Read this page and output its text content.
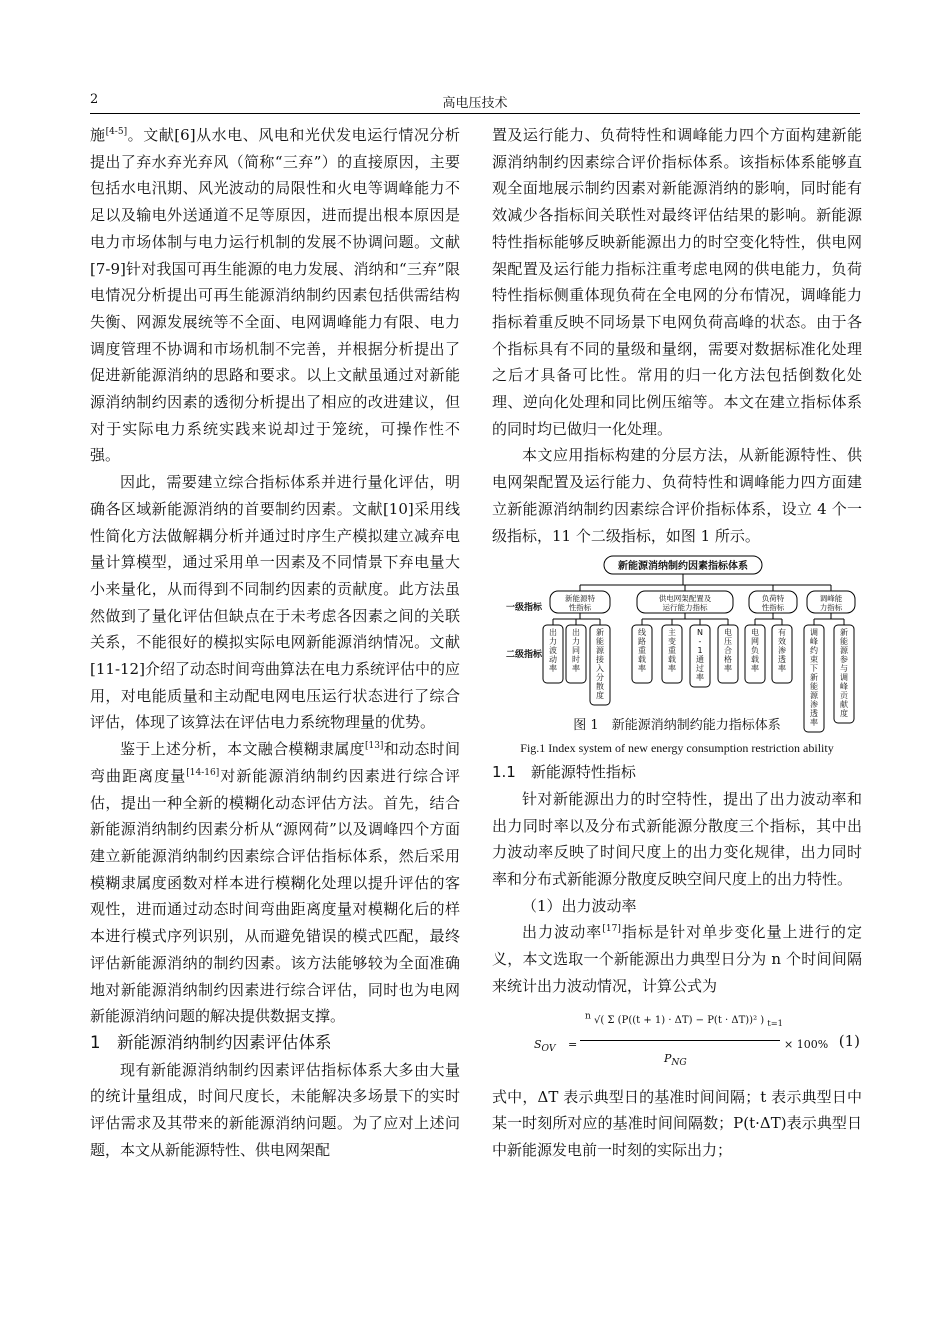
2	高电压技术

施[4-5]。文献[6]从水电、风电和光伏发电运行情况分析提出了弃水弃光弃风（简称“三弃”）的直接原因，主要包括水电汛期、风光波动的局限性和火电等调峰能力不足以及输电外送通道不足等原因，进而提出根本原因是电力市场体制与电力运行机制的发展不协调问题。文献[7-9]针对我国可再生能源的电力发展、消纳和“三弃”限电情况分析提出可再生能源消纳制约因素包括供需结构失衡、网源发展统等不全面、电网调峰能力有限、电力调度管理不协调和市场机制不完善，并根据分析提出了促进新能源消纳的思路和要求。以上文献虽通过对新能源消纳制约因素的透彻分析提出了相应的改进建议，但对于实际电力系统实践来说却过于笼统，可操作性不强。

因此，需要建立综合指标体系并进行量化评估，明确各区域新能源消纳的首要制约因素。文献[10]采用线性简化方法做解耦分析并通过时序生产模拟建立减弃电量计算模型，通过采用单一因素及不同情景下弃电量大小来量化，从而得到不同制约因素的贡献度。此方法虽然做到了量化评估但缺点在于未考虑各因素之间的关联关系，不能很好的模拟实际电网新能源消纳情况。文献[11-12]介绍了动态时间弯曲算法在电力系统评估中的应用，对电能质量和主动配电网电压运行状态进行了综合评估，体现了该算法在评估电力系统物理量的优势。

鉴于上述分析，本文融合模糊隶属度[13]和动态时间弯曲距离度量[14-16]对新能源消纳制约因素进行综合评估，提出一种全新的模糊化动态评估方法。首先，结合新能源消纳制约因素分析从“源网荷”以及调峰四个方面建立新能源消纳制约因素综合评估指标体系，然后采用模糊隶属度函数对样本进行模糊化处理以提升评估的客观性，进而通过动态时间弯曲距离度量对模糊化后的样本进行模式序列识别，从而避免错误的模式匹配，最终评估新能源消纳的制约因素。该方法能够较为全面准确地对新能源消纳制约因素进行综合评估，同时也为电网新能源消纳问题的解决提供数据支撑。

1　新能源消纳制约因素评估体系

现有新能源消纳制约因素评估指标体系大多由大量的统计量组成，时间尺度长，未能解决多场景下的实时评估需求及其带来的新能源消纳问题。为了应对上述问题，本文从新能源特性、供电网架配

置及运行能力、负荷特性和调峰能力四个方面构建新能源消纳制约因素综合评价指标体系。该指标体系能够直观全面地展示制约因素对新能源消纳的影响，同时能有效减少各指标间关联性对最终评估结果的影响。新能源特性指标能够反映新能源出力的时空变化特性，供电网架配置及运行能力指标注重考虑电网的供电能力，负荷特性指标侧重体现负荷在全电网的分布情况，调峰能力指标着重反映不同场景下电网负荷高峰的状态。由于各个指标具有不同的量级和量纲，需要对数据标准化处理之后才具备可比性。常用的归一化方法包括倒数化处理、逆向化处理和同比例压缩等。本文在建立指标体系的同时均已做归一化处理。

本文应用指标构建的分层方法，从新能源特性、供电网架配置及运行能力、负荷特性和调峰能力四方面建立新能源消纳制约因素综合评价指标体系，设立 4 个一级指标，11 个二级指标，如图 1 所示。

新能源消纳制约因素指标体系
一级指标
二级指标
新能源特
性指标
出
力
波
动
率
出
力
同
时
率
新
能
源
接
入
分
散
度
供电网架配置及
运行能力指标
线
路
重
载
率
主
变
重
载
率
N
-
1
通
过
率
电
压
合
格
率
负荷特
性指标
电
网
负
载
率
有
效
渗
透
率
调峰能
力指标
调
峰
约
束
下
新
能
源
渗
透
率
新
能
源
参
与
调
峰
贡
献
度

图 1　新能源消纳制约能力指标体系

Fig.1 Index system of new energy consumption restriction ability

1.1　新能源特性指标

针对新能源出力的时空特性，提出了出力波动率和出力同时率以及分布式新能源分散度三个指标，其中出力波动率反映了时间尺度上的出力变化规律，出力同时率和分布式新能源分散度反映空间尺度上的出力特性。

（1）出力波动率

出力波动率[17]指标是针对单步变化量上进行的定义，本文选取一个新能源出力典型日分为 n 个时间间隔来统计出力波动情况，计算公式为

$S_{OV}$ =
$^n$ √( Σ (P((t + 1) · ΔT) − P(t · ΔT))² ) $_{t=1}$
$P_{NG}$
× 100% (1)

式中，ΔT 表示典型日的基准时间间隔；t 表示典型日中某一时刻所对应的基准时间间隔数；P(t·ΔT)表示典型日中新能源发电前一时刻的实际出力；
